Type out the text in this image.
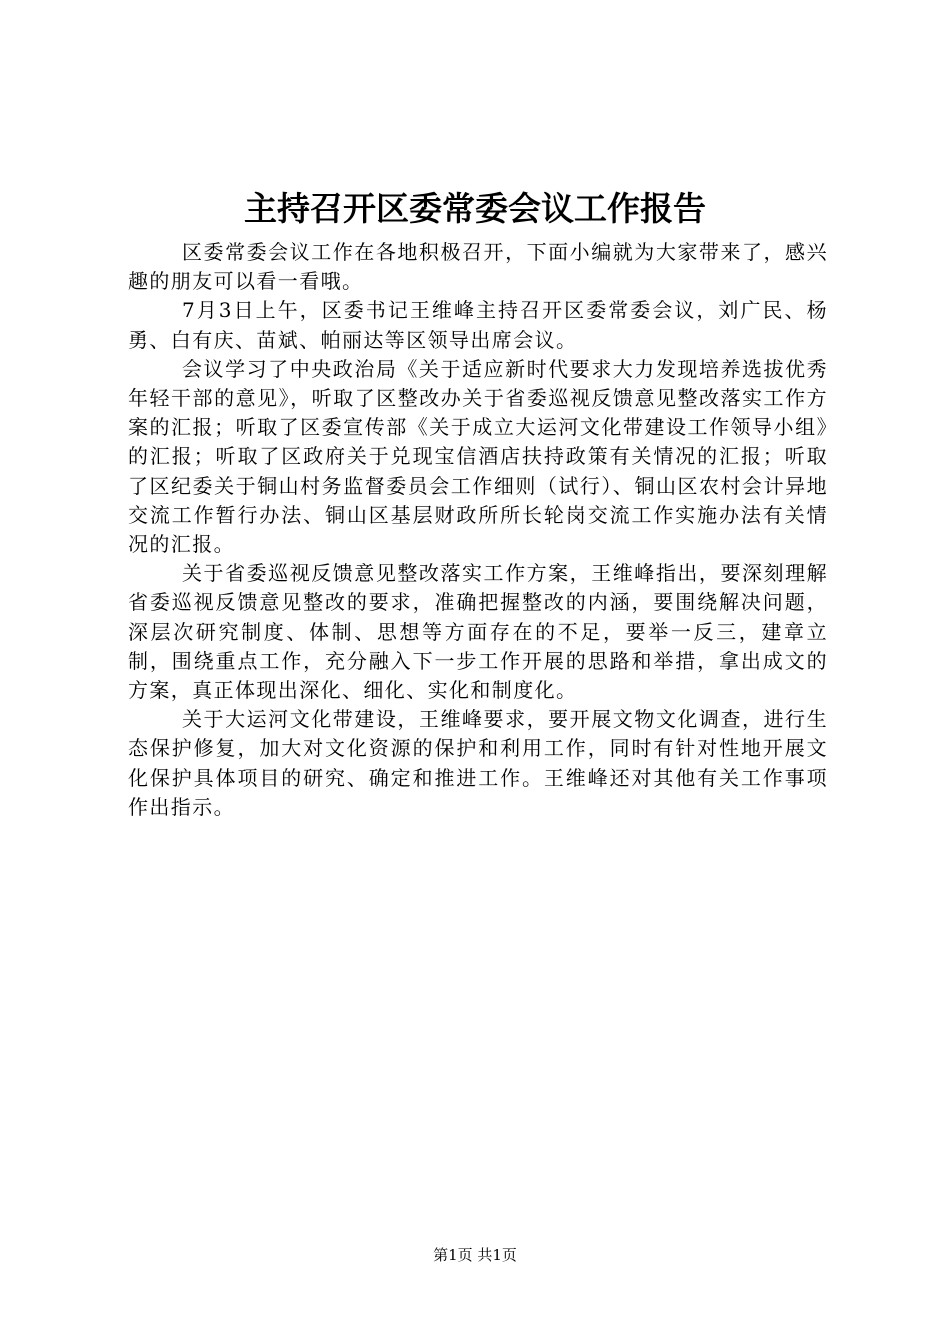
主持召开区委常委会议工作报告

区委常委会议工作在各地积极召开，下面小编就为大家带来了，感兴趣的朋友可以看一看哦。

7月3日上午，区委书记王维峰主持召开区委常委会议，刘广民、杨勇、白有庆、苗斌、帕丽达等区领导出席会议。

会议学习了中央政治局《关于适应新时代要求大力发现培养选拔优秀年轻干部的意见》，听取了区整改办关于省委巡视反馈意见整改落实工作方案的汇报；听取了区委宣传部《关于成立大运河文化带建设工作领导小组》的汇报；听取了区政府关于兑现宝信酒店扶持政策有关情况的汇报；听取了区纪委关于铜山村务监督委员会工作细则（试行）、铜山区农村会计异地交流工作暂行办法、铜山区基层财政所所长轮岗交流工作实施办法有关情况的汇报。

关于省委巡视反馈意见整改落实工作方案，王维峰指出，要深刻理解省委巡视反馈意见整改的要求，准确把握整改的内涵，要围绕解决问题，深层次研究制度、体制、思想等方面存在的不足，要举一反三，建章立制，围绕重点工作，充分融入下一步工作开展的思路和举措，拿出成文的方案，真正体现出深化、细化、实化和制度化。

关于大运河文化带建设，王维峰要求，要开展文物文化调查，进行生态保护修复，加大对文化资源的保护和利用工作，同时有针对性地开展文化保护具体项目的研究、确定和推进工作。王维峰还对其他有关工作事项作出指示。

第1页 共1页
